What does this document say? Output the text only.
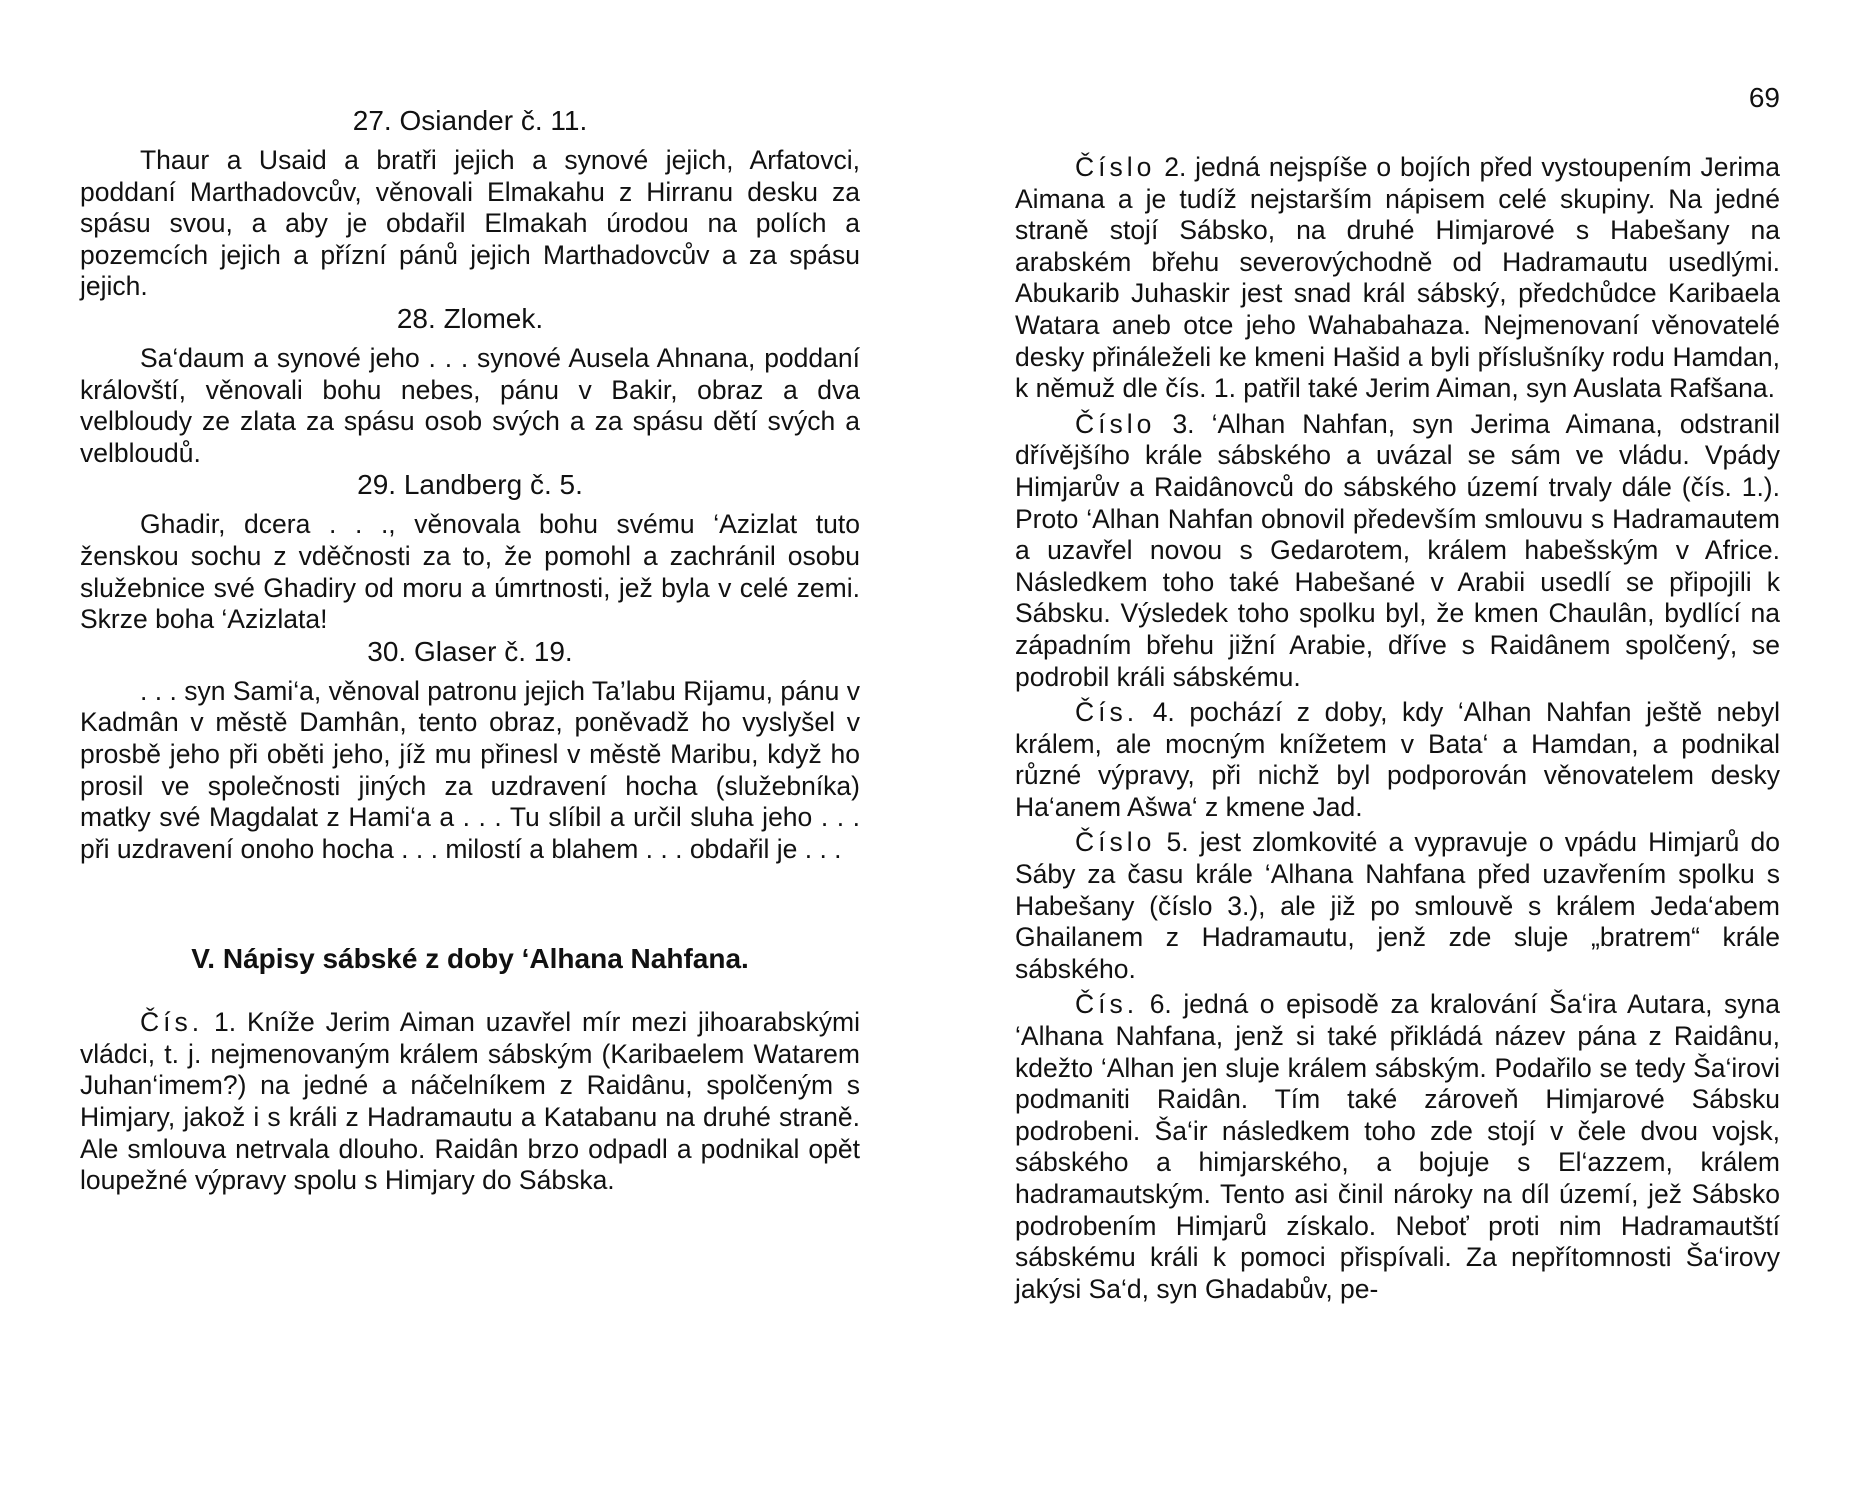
27. Osiander č. 11.

Thaur a Usaid a bratři jejich a synové jejich, Arfatovci, poddaní Marthadovcův, věnovali Elmakahu z Hirranu desku za spásu svou, a aby je obdařil Elmakah úrodou na polích a pozemcích jejich a přízní pánů jejich Marthadovcův a za spásu jejich.

28. Zlomek.

Sa‘daum a synové jeho . . . synové Ausela Ahnana, poddaní královští, věnovali bohu nebes, pánu v Bakir, obraz a dva velbloudy ze zlata za spásu osob svých a za spásu dětí svých a velbloudů.

29. Landberg č. 5.

Ghadir, dcera . . ., věnovala bohu svému ‘Azizlat tuto ženskou sochu z vděčnosti za to, že pomohl a zachránil osobu služebnice své Ghadiry od moru a úmrtnosti, jež byla v celé zemi. Skrze boha ‘Azizlata!

30. Glaser č. 19.

. . . syn Sami‘a, věnoval patronu jejich Ta’labu Rijamu, pánu v Kadmân v městě Damhân, tento obraz, poněvadž ho vyslyšel v prosbě jeho při oběti jeho, jíž mu přinesl v městě Maribu, když ho prosil ve společnosti jiných za uzdravení hocha (služebníka) matky své Magdalat z Hami‘a a . . . Tu slíbil a určil sluha jeho . . . při uzdravení onoho hocha . . . milostí a blahem . . . obdařil je . . .

V. Nápisy sábské z doby ‘Alhana Nahfana.

Čís. 1. Kníže Jerim Aiman uzavřel mír mezi jihoarabskými vládci, t. j. nejmenovaným králem sábským (Karibaelem Watarem Juhan‘imem?) na jedné a náčelníkem z Raidânu, spolčeným s Himjary, jakož i s králi z Hadramautu a Katabanu na druhé straně. Ale smlouva netrvala dlouho. Raidân brzo odpadl a podnikal opět loupežné výpravy spolu s Himjary do Sábska.

69

Číslo 2. jedná nejspíše o bojích před vystoupením Jerima Aimana a je tudíž nejstarším nápisem celé skupiny. Na jedné straně stojí Sábsko, na druhé Himjarové s Habešany na arabském břehu severovýchodně od Hadramautu usedlými. Abukarib Juhaskir jest snad král sábský, předchůdce Karibaela Watara aneb otce jeho Wahabahaza. Nejmenovaní věnovatelé desky přináleželi ke kmeni Hašid a byli příslušníky rodu Hamdan, k němuž dle čís. 1. patřil také Jerim Aiman, syn Auslata Rafšana.

Číslo 3. ‘Alhan Nahfan, syn Jerima Aimana, odstranil dřívějšího krále sábského a uvázal se sám ve vládu. Vpády Himjarův a Raidânovců do sábského území trvaly dále (čís. 1.). Proto ‘Alhan Nahfan obnovil především smlouvu s Hadramautem a uzavřel novou s Gedarotem, králem habešským v Africe. Následkem toho také Habešané v Arabii usedlí se připojili k Sábsku. Výsledek toho spolku byl, že kmen Chaulân, bydlící na západním břehu jižní Arabie, dříve s Raidânem spolčený, se podrobil králi sábskému.

Čís. 4. pochází z doby, kdy ‘Alhan Nahfan ještě nebyl králem, ale mocným knížetem v Bata‘ a Hamdan, a podnikal různé výpravy, při nichž byl podporován věnovatelem desky Ha‘anem Ašwa‘ z kmene Jad.

Číslo 5. jest zlomkovité a vypravuje o vpádu Himjarů do Sáby za času krále ‘Alhana Nahfana před uzavřením spolku s Habešany (číslo 3.), ale již po smlouvě s králem Jeda‘abem Ghailanem z Hadramautu, jenž zde sluje „bratrem“ krále sábského.

Čís. 6. jedná o episodě za kralování Ša‘ira Autara, syna ‘Alhana Nahfana, jenž si také přikládá název pána z Raidânu, kdežto ‘Alhan jen sluje králem sábským. Podařilo se tedy Ša‘irovi podmaniti Raidân. Tím také zároveň Himjarové Sábsku podrobeni. Ša‘ir následkem toho zde stojí v čele dvou vojsk, sábského a himjarského, a bojuje s El‘azzem, králem hadramautským. Tento asi činil nároky na díl území, jež Sábsko podrobením Himjarů získalo. Neboť proti nim Hadramautští sábskému králi k pomoci přispívali. Za nepřítomnosti Ša‘irovy jakýsi Sa‘d, syn Ghadabův, pe-
